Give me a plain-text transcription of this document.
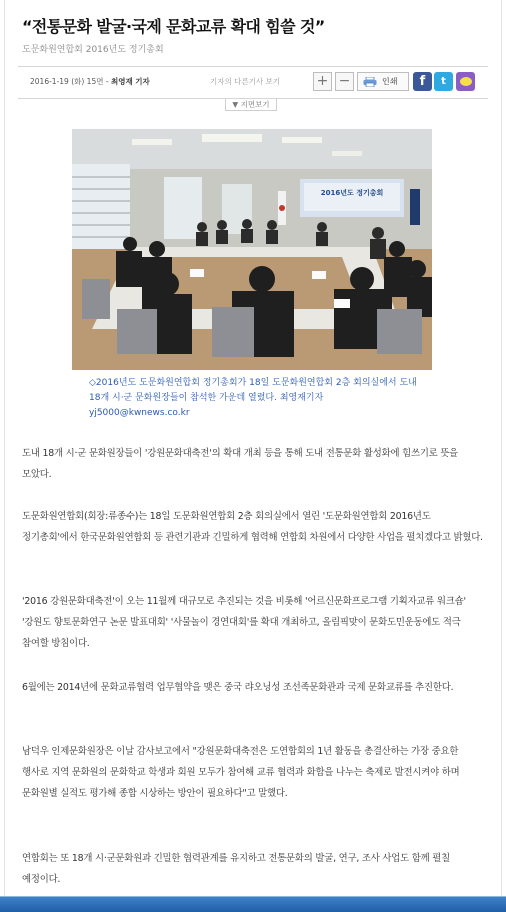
“전통문화 발굴·국제 문화교류 확대 힘쓸 것”
도문화원연합회 2016년도 정기총회
2016-1-19 (화) 15면 - 최영재 기자	기자의 다른기사 보기	+ −	인쇄	f	t
▼ 지면보기
2016년도 정기총회
◇2016년도 도문화원연합회 정기총회가 18일 도문화원연합회 2층 회의실에서 도내 18개 시·군 문화원장들이 참석한 가운데 열렸다. 최영재기자 yj5000@kwnews.co.kr

도내 18개 시·군 문화원장들이 '강원문화대축전'의 확대 개최 등을 통해 도내 전통문화 활성화에 힘쓰기로 뜻을 모았다.

도문화원연합회(회장:류종수)는 18일 도문화원연합회 2층 회의실에서 열린 '도문화원연합회 2016년도 정기총회'에서 한국문화원연합회 등 관련기관과 긴밀하게 협력해 연합회 차원에서 다양한 사업을 펼치겠다고 밝혔다.

'2016 강원문화대축전'이 오는 11월께 대규모로 추진되는 것을 비롯해 '어르신문화프로그램 기획자교류 워크숍' '강원도 향토문화연구 논문 발표대회' '사물놀이 경연대회'를 확대 개최하고, 올림픽맞이 문화도민운동에도 적극 참여할 방침이다.

6월에는 2014년에 문화교류협력 업무협약을 맺은 중국 랴오닝성 조선족문화관과 국제 문화교류를 추진한다.

남덕우 인제문화원장은 이날 감사보고에서 "강원문화대축전은 도연합회의 1년 활동을 총결산하는 가장 중요한 행사로 지역 문화원의 문화학교 학생과 회원 모두가 참여해 교류 협력과 화합을 나누는 축제로 발전시켜야 하며 문화원별 실적도 평가해 종합 시상하는 방안이 필요하다"고 말했다.

연합회는 또 18개 시·군문화원과 긴밀한 협력관계를 유지하고 전통문화의 발굴, 연구, 조사 사업도 함께 펼칠 예정이다.
